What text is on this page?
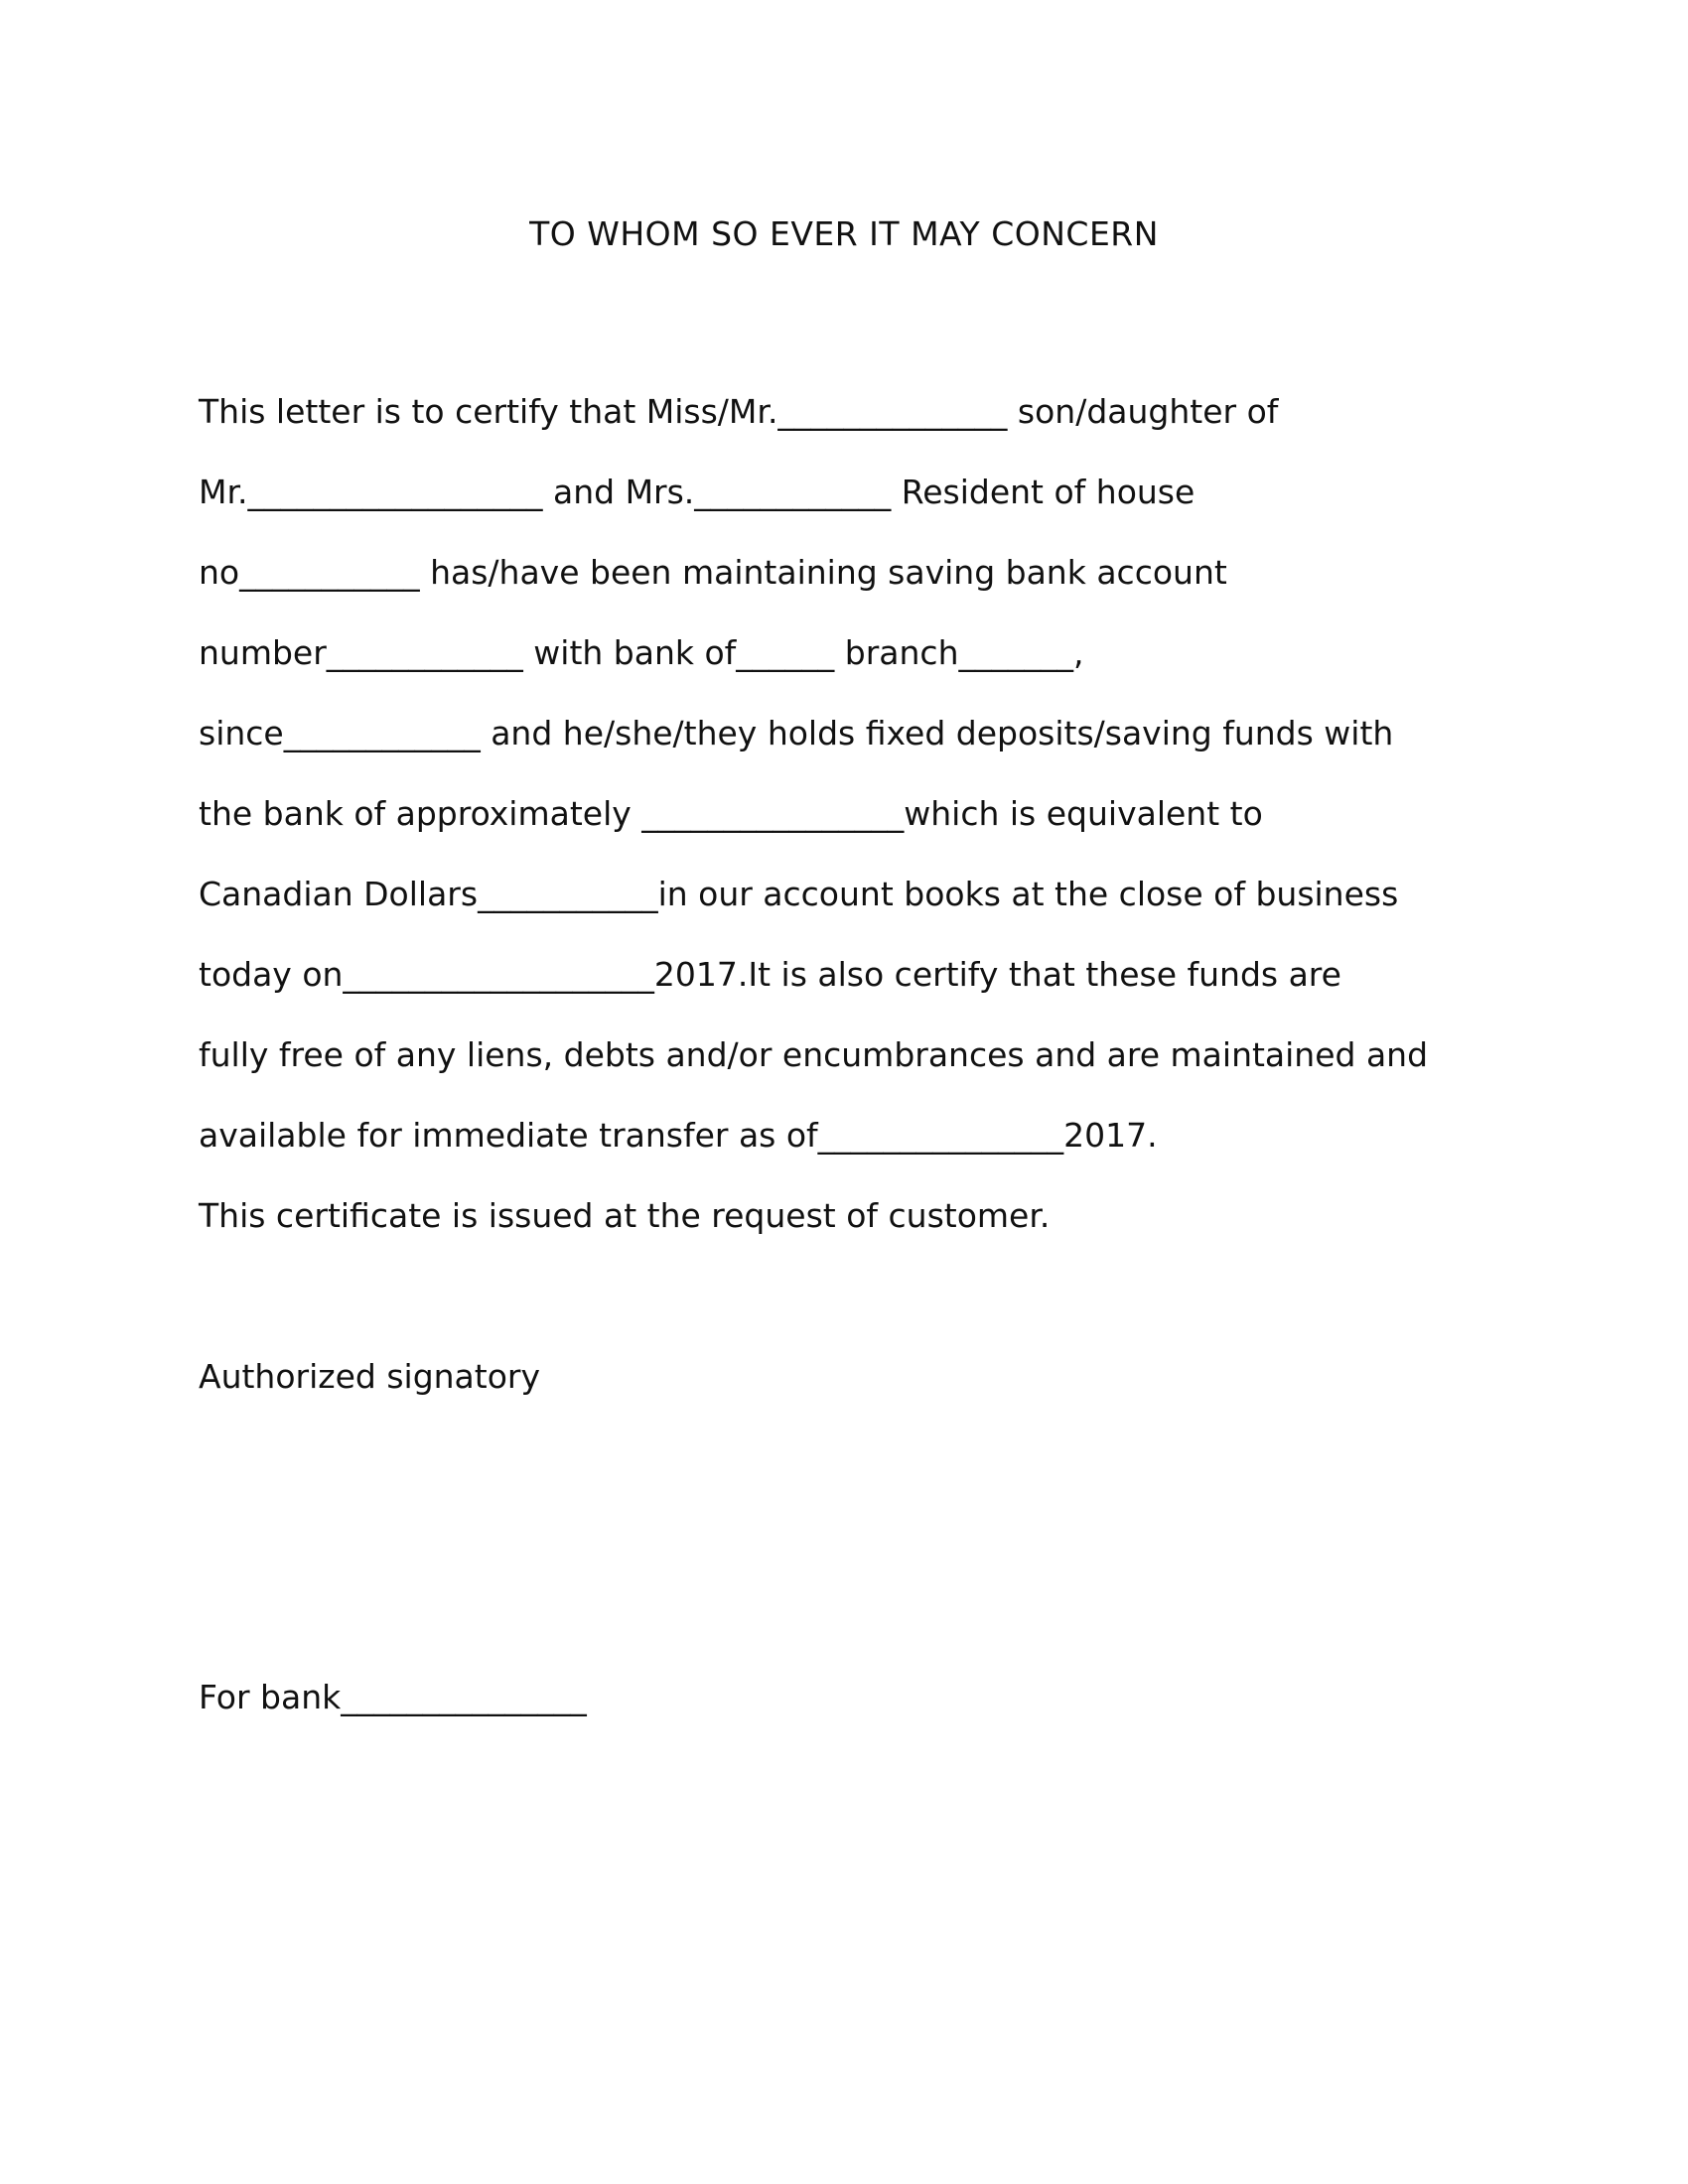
TO WHOM SO EVER IT MAY CONCERN
This letter is to certify that Miss/Mr.______________ son/daughter of
Mr.__________________ and Mrs.____________ Resident of house
no___________ has/have been maintaining saving bank account
number____________ with bank of______ branch_______,
since____________ and he/she/they holds fixed deposits/saving funds with
the bank of approximately ________________which is equivalent to
Canadian Dollars___________in our account books at the close of business
today on___________________2017.It is also certify that these funds are
fully free of any liens, debts and/or encumbrances and are maintained and
available for immediate transfer as of_______________2017.
This certificate is issued at the request of customer.
Authorized signatory
For bank_______________
